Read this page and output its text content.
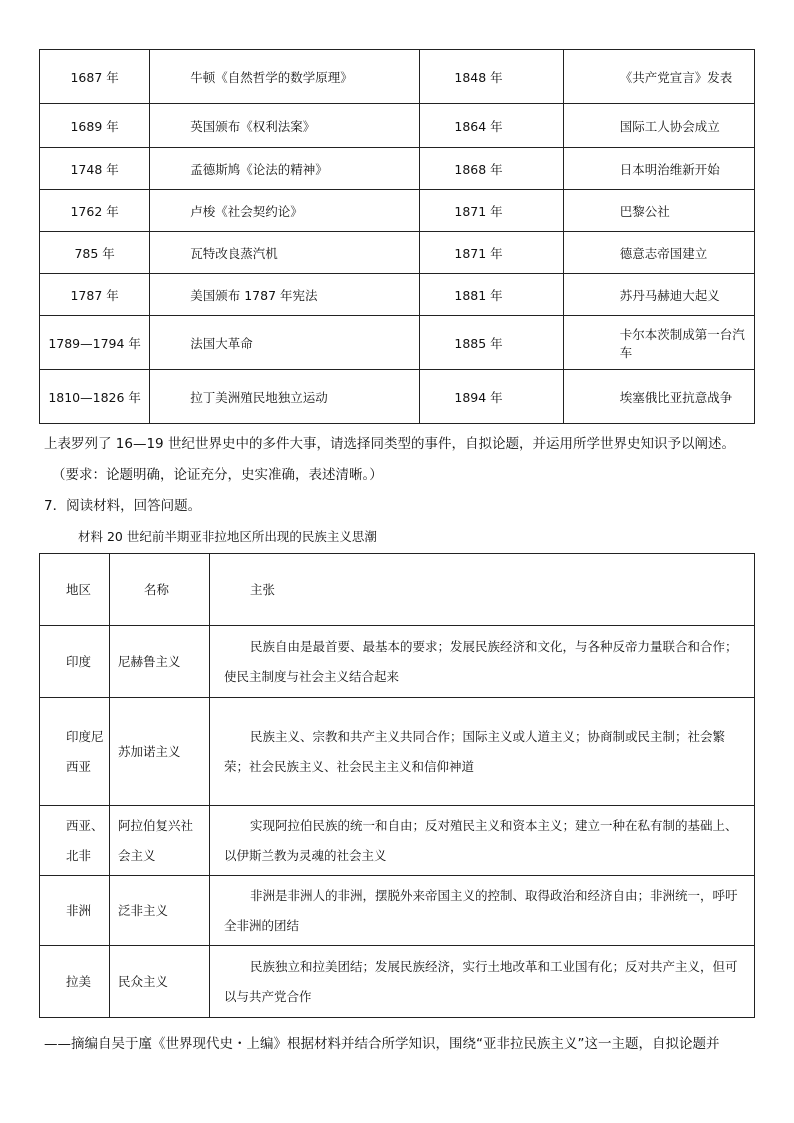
1687 年	牛顿《自然哲学的数学原理》	1848 年	《共产党宣言》发表
1689 年	英国颁布《权利法案》	1864 年	国际工人协会成立
1748 年	孟德斯鸠《论法的精神》	1868 年	日本明治维新开始
1762 年	卢梭《社会契约论》	1871 年	巴黎公社
785 年	瓦特改良蒸汽机	1871 年	德意志帝国建立
1787 年	美国颁布 1787 年宪法	1881 年	苏丹马赫迪大起义
1789—1794 年	法国大革命	1885 年	卡尔本茨制成第一台汽车
1810—1826 年	拉丁美洲殖民地独立运动	1894 年	埃塞俄比亚抗意战争
上表罗列了 16—19 世纪世界史中的多件大事，请选择同类型的事件，自拟论题，并运用所学世界史知识予以阐述。
（要求：论题明确，论证充分，史实准确，表述清晰。）
7．阅读材料，回答问题。
材料 20 世纪前半期亚非拉地区所出现的民族主义思潮
地区	名称	主张
印度	尼赫鲁主义	民族自由是最首要、最基本的要求；发展民族经济和文化，与各种反帝力量联合和合作；使民主制度与社会主义结合起来
印度尼西亚	苏加诺主义	民族主义、宗教和共产主义共同合作；国际主义或人道主义；协商制或民主制；社会繁荣；社会民族主义、社会民主主义和信仰神道
西亚、北非	阿拉伯复兴社会主义	实现阿拉伯民族的统一和自由；反对殖民主义和资本主义；建立一种在私有制的基础上、以伊斯兰教为灵魂的社会主义
非洲	泛非主义	非洲是非洲人的非洲，摆脱外来帝国主义的控制、取得政治和经济自由；非洲统一，呼吁全非洲的团结
拉美	民众主义	民族独立和拉美团结；发展民族经济，实行土地改革和工业国有化；反对共产主义，但可以与共产党合作
——摘编自吴于廑《世界现代史・上编》根据材料并结合所学知识，围绕“亚非拉民族主义”这一主题，自拟论题并
